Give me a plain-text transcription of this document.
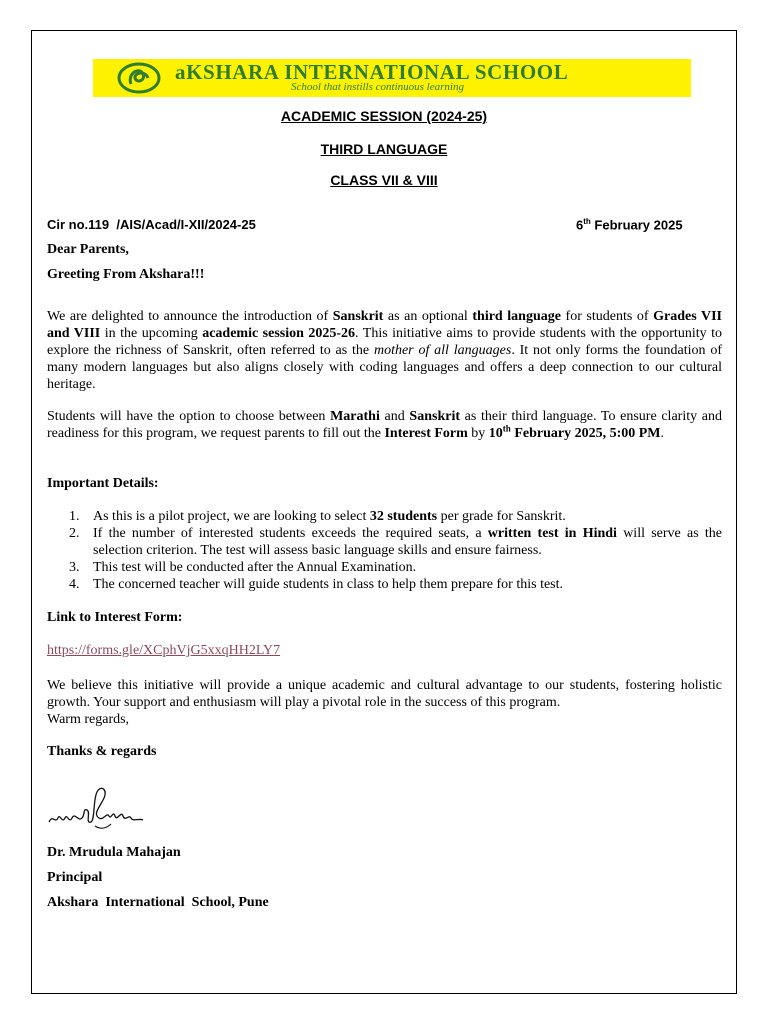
aKSHARA INTERNATIONAL SCHOOL
School that instills continuous learning
ACADEMIC SESSION (2024-25)
THIRD LANGUAGE
CLASS VII & VIII
Cir no.119  /AIS/Acad/I-XII/2024-25	6th February 2025
Dear Parents,
Greeting From Akshara!!!
We are delighted to announce the introduction of Sanskrit as an optional third language for students of Grades VII and VIII in the upcoming academic session 2025-26. This initiative aims to provide students with the opportunity to explore the richness of Sanskrit, often referred to as the mother of all languages. It not only forms the foundation of many modern languages but also aligns closely with coding languages and offers a deep connection to our cultural heritage.
Students will have the option to choose between Marathi and Sanskrit as their third language. To ensure clarity and readiness for this program, we request parents to fill out the Interest Form by 10th February 2025, 5:00 PM.
Important Details:
1. As this is a pilot project, we are looking to select 32 students per grade for Sanskrit.
2. If the number of interested students exceeds the required seats, a written test in Hindi will serve as the selection criterion. The test will assess basic language skills and ensure fairness.
3. This test will be conducted after the Annual Examination.
4. The concerned teacher will guide students in class to help them prepare for this test.
Link to Interest Form:
https://forms.gle/XCphVjG5xxqHH2LY7
We believe this initiative will provide a unique academic and cultural advantage to our students, fostering holistic growth. Your support and enthusiasm will play a pivotal role in the success of this program.
Warm regards,
Thanks & regards
Dr. Mrudula Mahajan
Principal
Akshara  International  School, Pune
